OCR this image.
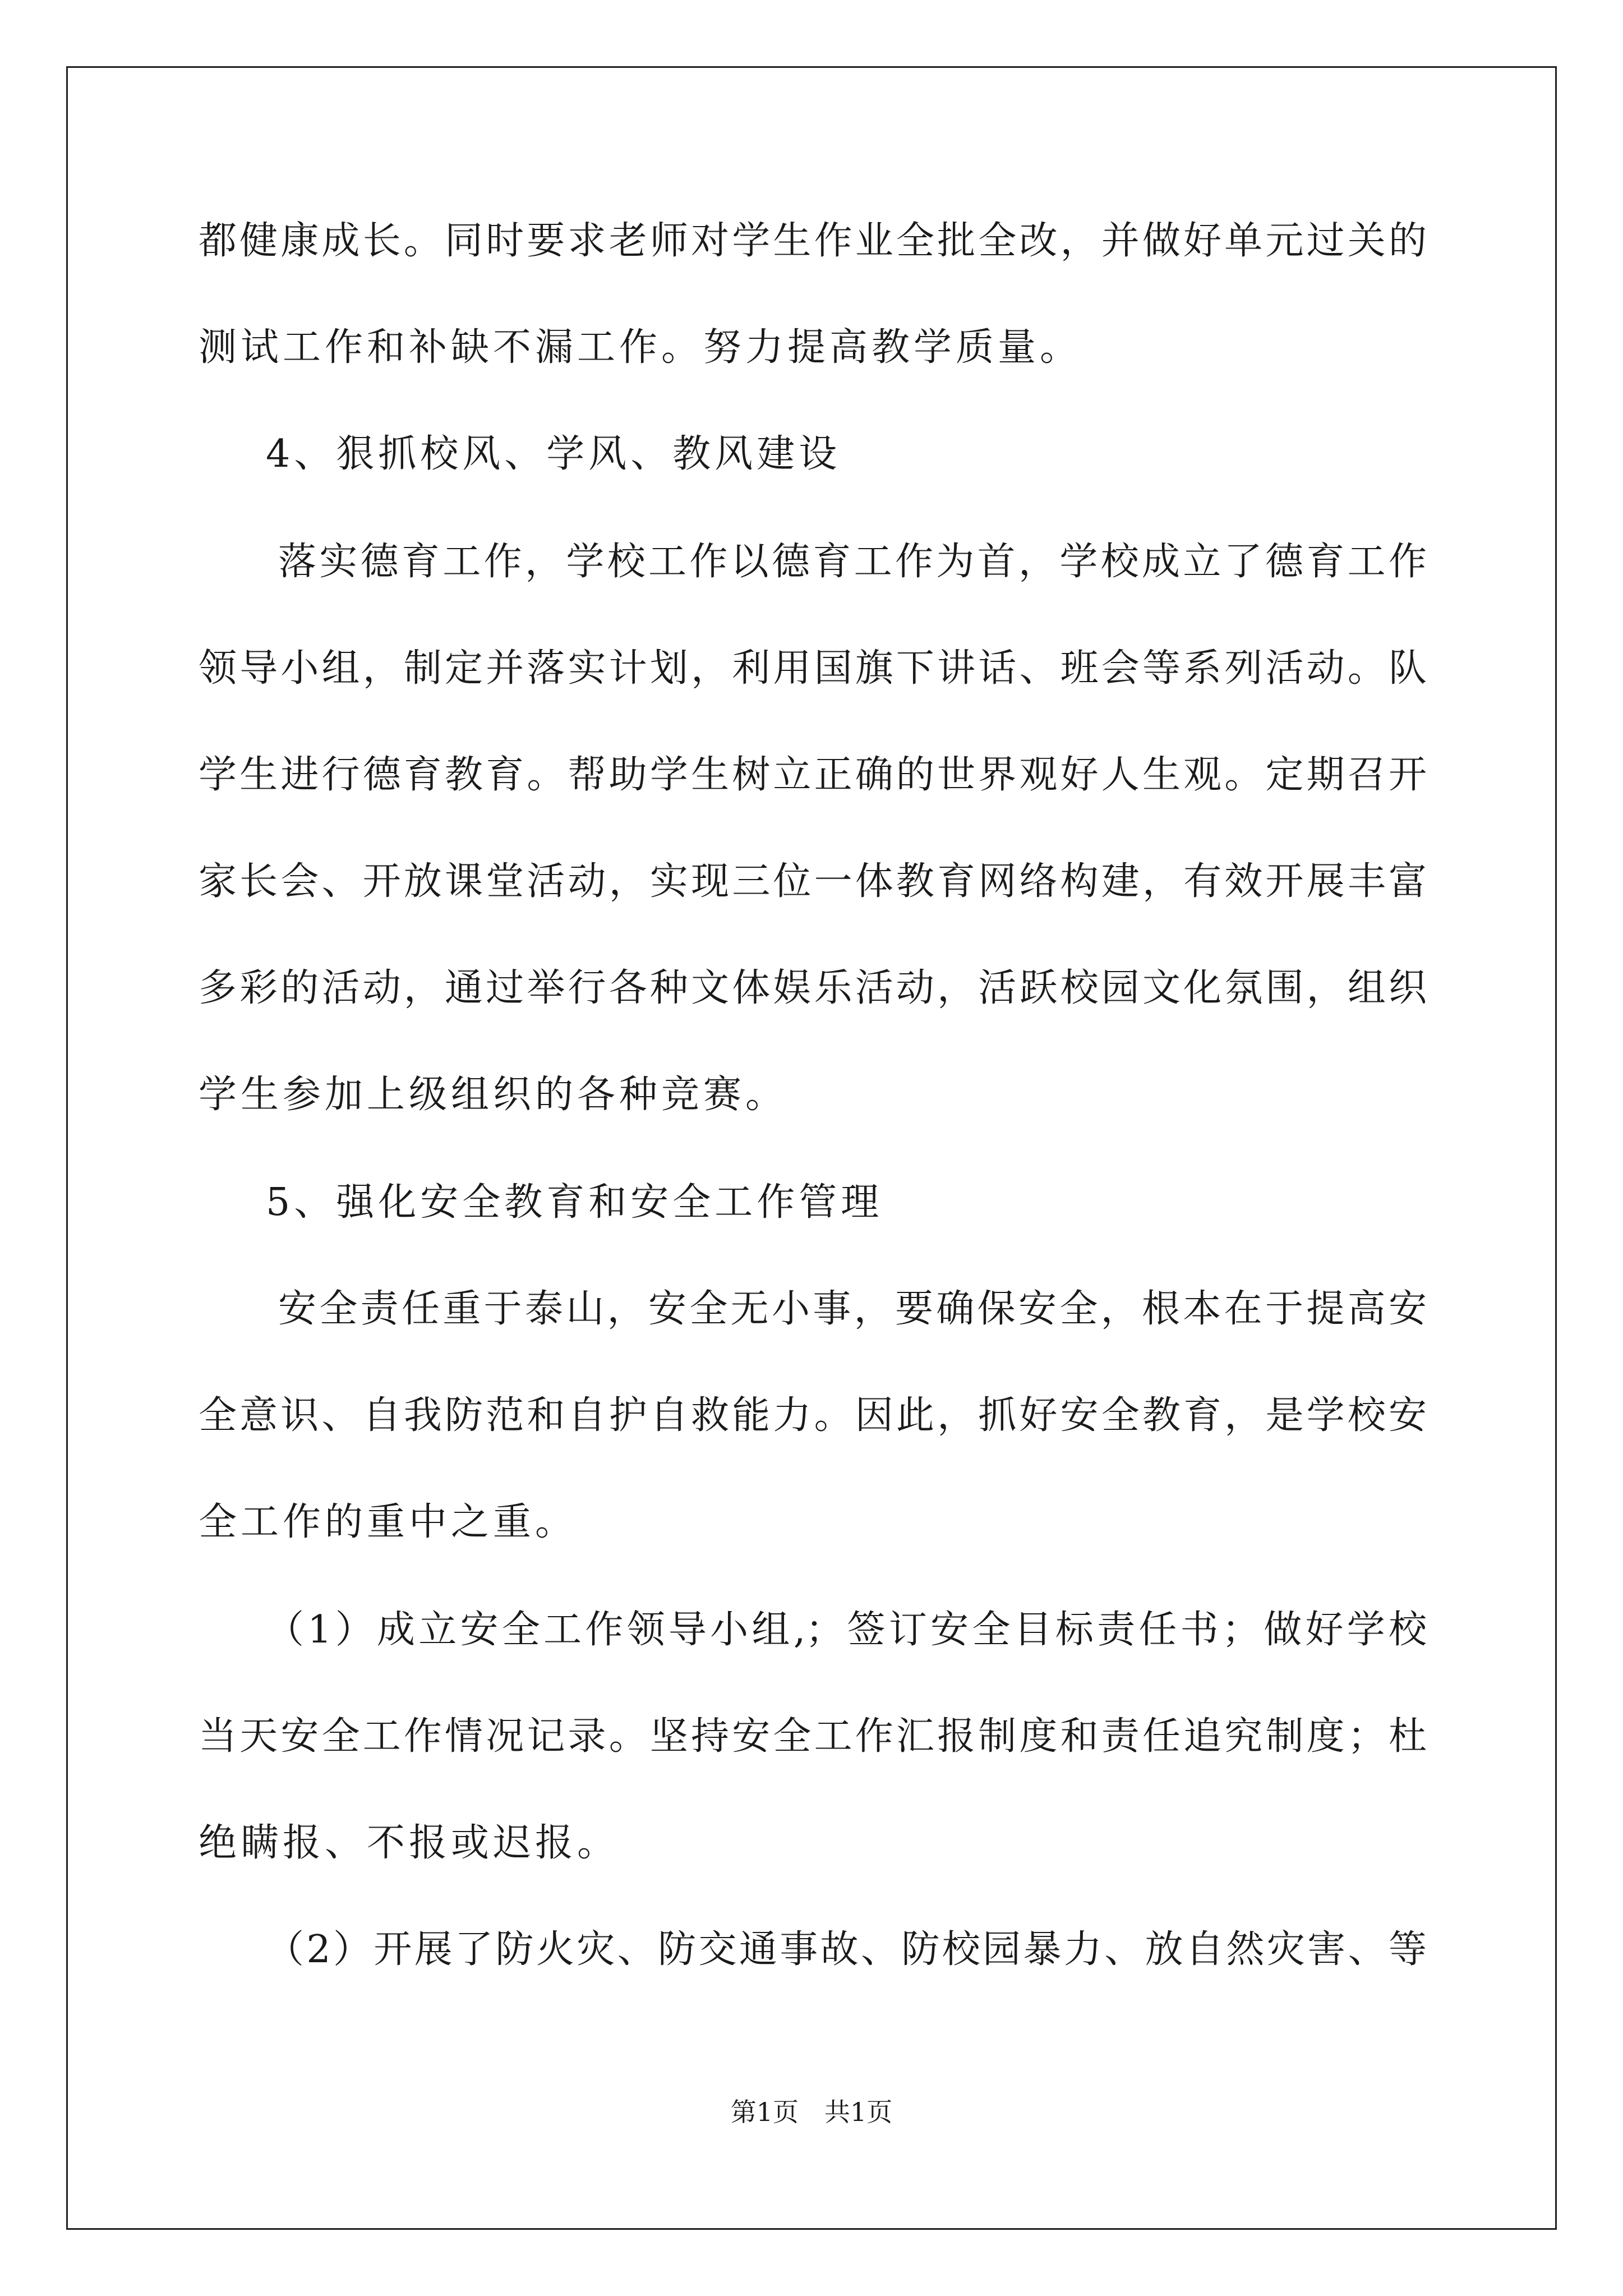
都健康成长。同时要求老师对学生作业全批全改，并做好单元过关的
测试工作和补缺不漏工作。努力提高教学质量。
4、狠抓校风、学风、教风建设
落实德育工作，学校工作以德育工作为首，学校成立了德育工作
领导小组，制定并落实计划，利用国旗下讲话、班会等系列活动。队
学生进行德育教育。帮助学生树立正确的世界观好人生观。定期召开
家长会、开放课堂活动，实现三位一体教育网络构建，有效开展丰富
多彩的活动，通过举行各种文体娱乐活动，活跃校园文化氛围，组织
学生参加上级组织的各种竞赛。
5、强化安全教育和安全工作管理
安全责任重于泰山，安全无小事，要确保安全，根本在于提高安
全意识、自我防范和自护自救能力。因此，抓好安全教育，是学校安
全工作的重中之重。
（1）成立安全工作领导小组,；签订安全目标责任书；做好学校
当天安全工作情况记录。坚持安全工作汇报制度和责任追究制度；杜
绝瞒报、不报或迟报。
（2）开展了防火灾、防交通事故、防校园暴力、放自然灾害、等
第1页　共1页
